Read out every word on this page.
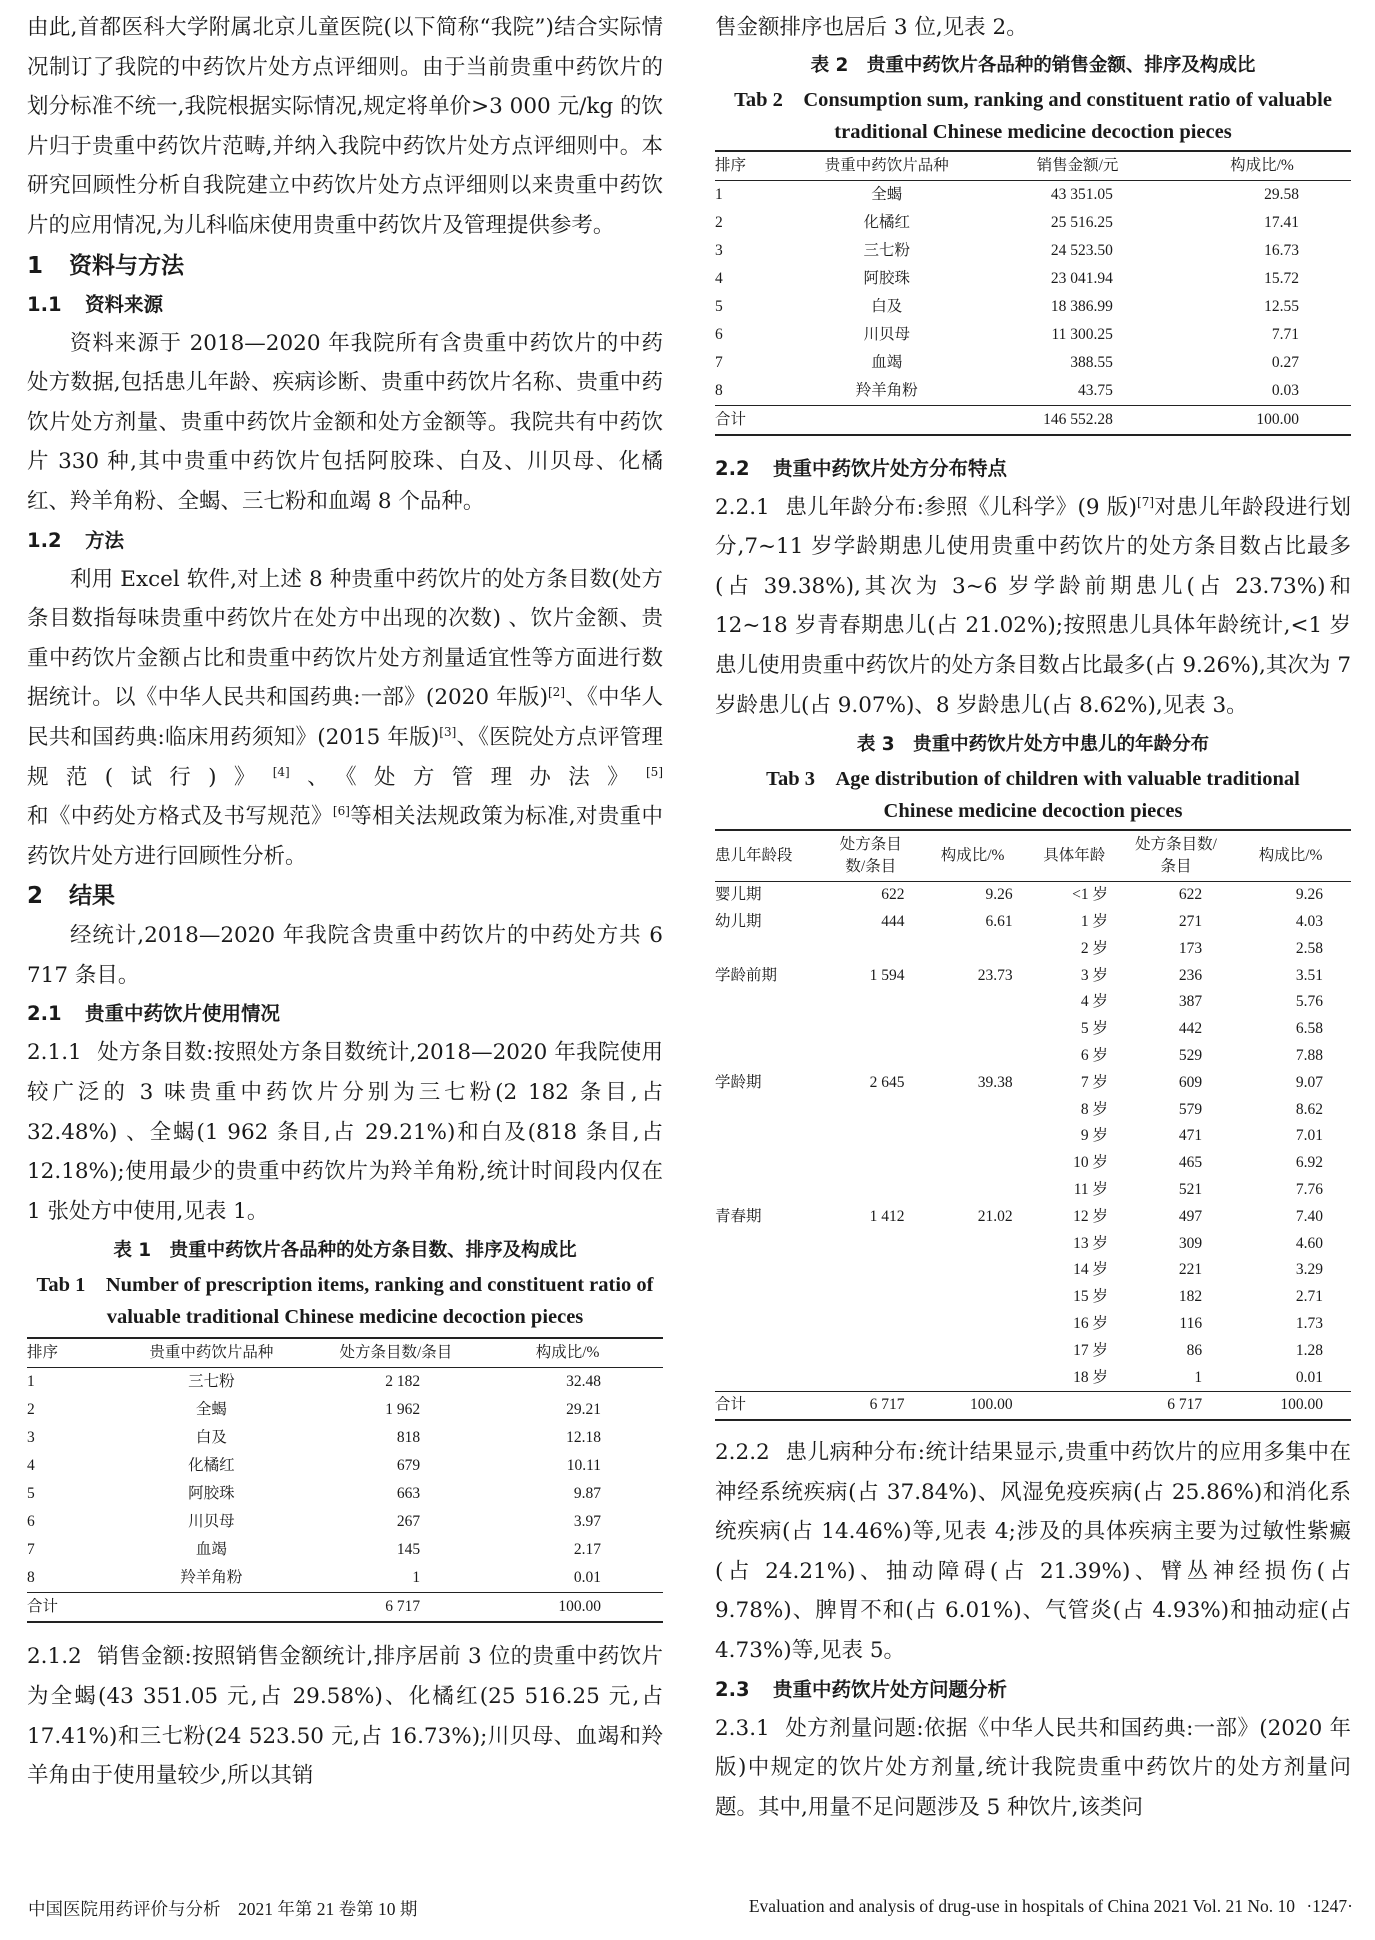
由此,首都医科大学附属北京儿童医院(以下简称“我院”)结合实际情况制订了我院的中药饮片处方点评细则。由于当前贵重中药饮片的划分标准不统一,我院根据实际情况,规定将单价>3 000 元/kg 的饮片归于贵重中药饮片范畴,并纳入我院中药饮片处方点评细则中。本研究回顾性分析自我院建立中药饮片处方点评细则以来贵重中药饮片的应用情况,为儿科临床使用贵重中药饮片及管理提供参考。

1 资料与方法
1.1 资料来源

资料来源于 2018—2020 年我院所有含贵重中药饮片的中药处方数据,包括患儿年龄、疾病诊断、贵重中药饮片名称、贵重中药饮片处方剂量、贵重中药饮片金额和处方金额等。我院共有中药饮片 330 种,其中贵重中药饮片包括阿胶珠、白及、川贝母、化橘红、羚羊角粉、全蝎、三七粉和血竭 8 个品种。

1.2 方法

利用 Excel 软件,对上述 8 种贵重中药饮片的处方条目数(处方条目数指每味贵重中药饮片在处方中出现的次数) 、饮片金额、贵重中药饮片金额占比和贵重中药饮片处方剂量适宜性等方面进行数据统计。以《中华人民共和国药典:一部》(2020 年版)[2]、《中华人民共和国药典:临床用药须知》(2015 年版)[3]、《医院处方点评管理规范(试行)》[4]、《处方管理办法》[5]和《中药处方格式及书写规范》[6]等相关法规政策为标准,对贵重中药饮片处方进行回顾性分析。

2 结果

经统计,2018—2020 年我院含贵重中药饮片的中药处方共 6 717 条目。

2.1 贵重中药饮片使用情况

2.1.1 处方条目数:按照处方条目数统计,2018—2020 年我院使用较广泛的 3 味贵重中药饮片分别为三七粉(2 182 条目,占 32.48%) 、全蝎(1 962 条目,占 29.21%)和白及(818 条目,占 12.18%);使用最少的贵重中药饮片为羚羊角粉,统计时间段内仅在 1 张处方中使用,见表 1。

表 1　贵重中药饮片各品种的处方条目数、排序及构成比

Tab 1　Number of prescription items, ranking and constituent ratio of valuable traditional Chinese medicine decoction pieces

排序	贵重中药饮片品种	处方条目数/条目	构成比/%
1	三七粉	2 182	32.48
2	全蝎	1 962	29.21
3	白及	818	12.18
4	化橘红	679	10.11
5	阿胶珠	663	9.87
6	川贝母	267	3.97
7	血竭	145	2.17
8	羚羊角粉	1	0.01
合计		6 717	100.00

2.1.2 销售金额:按照销售金额统计,排序居前 3 位的贵重中药饮片为全蝎(43 351.05 元,占 29.58%)、化橘红(25 516.25 元,占 17.41%)和三七粉(24 523.50 元,占 16.73%);川贝母、血竭和羚羊角由于使用量较少,所以其销

售金额排序也居后 3 位,见表 2。

表 2　贵重中药饮片各品种的销售金额、排序及构成比

Tab 2　Consumption sum, ranking and constituent ratio of valuable traditional Chinese medicine decoction pieces

排序	贵重中药饮片品种	销售金额/元	构成比/%
1	全蝎	43 351.05	29.58
2	化橘红	25 516.25	17.41
3	三七粉	24 523.50	16.73
4	阿胶珠	23 041.94	15.72
5	白及	18 386.99	12.55
6	川贝母	11 300.25	7.71
7	血竭	388.55	0.27
8	羚羊角粉	43.75	0.03
合计		146 552.28	100.00
2.2 贵重中药饮片处方分布特点

2.2.1 患儿年龄分布:参照《儿科学》(9 版)[7]对患儿年龄段进行划分,7~11 岁学龄期患儿使用贵重中药饮片的处方条目数占比最多(占 39.38%),其次为 3~6 岁学龄前期患儿(占 23.73%)和 12~18 岁青春期患儿(占 21.02%);按照患儿具体年龄统计,<1 岁患儿使用贵重中药饮片的处方条目数占比最多(占 9.26%),其次为 7 岁龄患儿(占 9.07%)、8 岁龄患儿(占 8.62%),见表 3。

表 3　贵重中药饮片处方中患儿的年龄分布

Tab 3　Age distribution of children with valuable traditional Chinese medicine decoction pieces

患儿年龄段	处方条目数/条目	构成比/%	具体年龄	处方条目数/条目	构成比/%
婴儿期	622	9.26	<1 岁	622	9.26
幼儿期	444	6.61	1 岁	271	4.03
			2 岁	173	2.58
学龄前期	1 594	23.73	3 岁	236	3.51
			4 岁	387	5.76
			5 岁	442	6.58
			6 岁	529	7.88
学龄期	2 645	39.38	7 岁	609	9.07
			8 岁	579	8.62
			9 岁	471	7.01
			10 岁	465	6.92
			11 岁	521	7.76
青春期	1 412	21.02	12 岁	497	7.40
			13 岁	309	4.60
			14 岁	221	3.29
			15 岁	182	2.71
			16 岁	116	1.73
			17 岁	86	1.28
			18 岁	1	0.01
合计	6 717	100.00		6 717	100.00

2.2.2 患儿病种分布:统计结果显示,贵重中药饮片的应用多集中在神经系统疾病(占 37.84%)、风湿免疫疾病(占 25.86%)和消化系统疾病(占 14.46%)等,见表 4;涉及的具体疾病主要为过敏性紫癜(占 24.21%)、抽动障碍(占 21.39%)、臂丛神经损伤(占 9.78%)、脾胃不和(占 6.01%)、气管炎(占 4.93%)和抽动症(占 4.73%)等,见表 5。

2.3 贵重中药饮片处方问题分析

2.3.1 处方剂量问题:依据《中华人民共和国药典:一部》(2020 年版)中规定的饮片处方剂量,统计我院贵重中药饮片的处方剂量问题。其中,用量不足问题涉及 5 种饮片,该类问

中国医院用药评价与分析　2021 年第 21 卷第 10 期	Evaluation and analysis of drug-use in hospitals of China 2021 Vol. 21 No. 10 ·1247·
